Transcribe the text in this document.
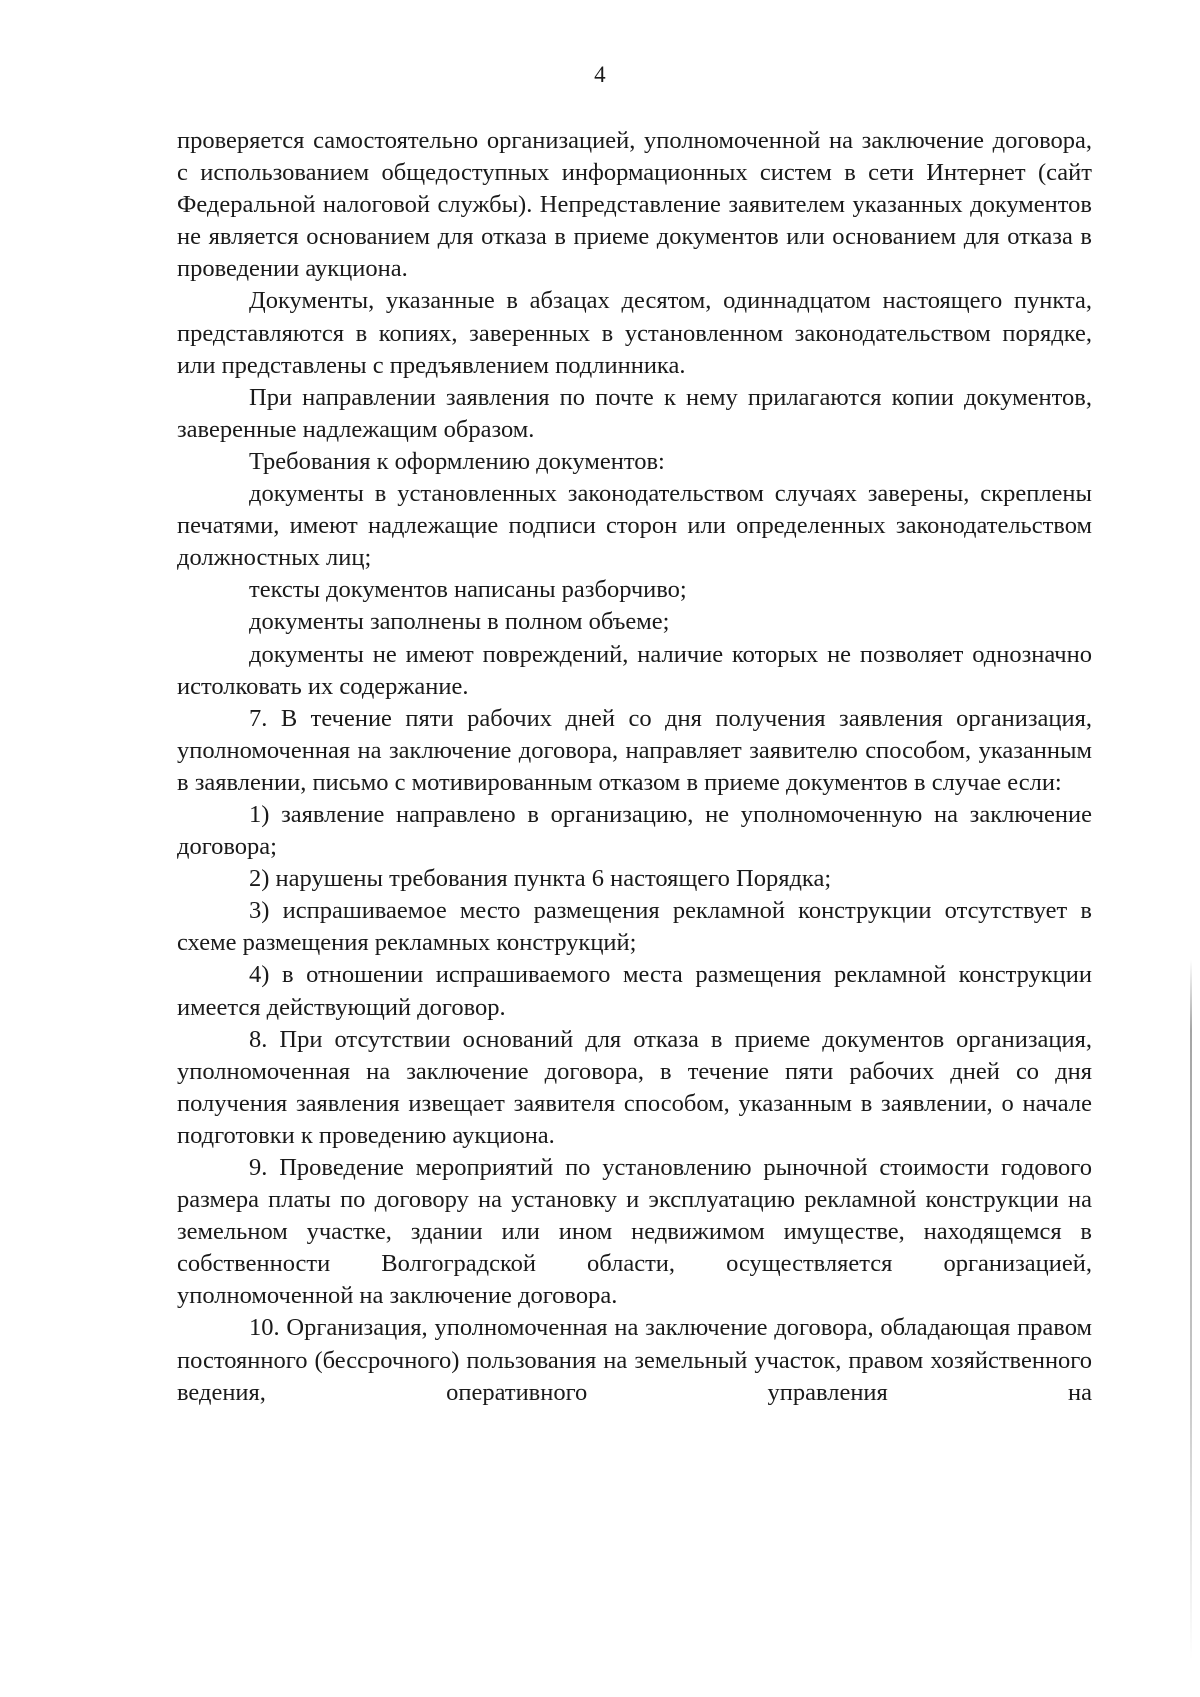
4

проверяется самостоятельно организацией, уполномоченной на заключение договора, с использованием общедоступных информационных систем в сети Интернет (сайт Федеральной налоговой службы). Непредставление заявителем указанных документов не является основанием для отказа в приеме документов или основанием для отказа в проведении аукциона.

Документы, указанные в абзацах десятом, одиннадцатом настоящего пункта, представляются в копиях, заверенных в установленном законодательством порядке, или представлены с предъявлением подлинника.

При направлении заявления по почте к нему прилагаются копии документов, заверенные надлежащим образом.

Требования к оформлению документов:

документы в установленных законодательством случаях заверены, скреплены печатями, имеют надлежащие подписи сторон или определенных законодательством должностных лиц;

тексты документов написаны разборчиво;

документы заполнены в полном объеме;

документы не имеют повреждений, наличие которых не позволяет однозначно истолковать их содержание.

7. В течение пяти рабочих дней со дня получения заявления организация, уполномоченная на заключение договора, направляет заявителю способом, указанным в заявлении, письмо с мотивированным отказом в приеме документов в случае если:

1) заявление направлено в организацию, не уполномоченную на заключение договора;

2) нарушены требования пункта 6 настоящего Порядка;

3) испрашиваемое место размещения рекламной конструкции отсутствует в схеме размещения рекламных конструкций;

4) в отношении испрашиваемого места размещения рекламной конструкции имеется действующий договор.

8. При отсутствии оснований для отказа в приеме документов организация, уполномоченная на заключение договора, в течение пяти рабочих дней со дня получения заявления извещает заявителя способом, указанным в заявлении, о начале подготовки к проведению аукциона.

9. Проведение мероприятий по установлению рыночной стоимости годового размера платы по договору на установку и эксплуатацию рекламной конструкции на земельном участке, здании или ином недвижимом имуществе, находящемся в собственности Волгоградской области, осуществляется организацией, уполномоченной на заключение договора.

10. Организация, уполномоченная на заключение договора, обладающая правом постоянного (бессрочного) пользования на земельный участок, правом хозяйственного ведения, оперативного управления на
